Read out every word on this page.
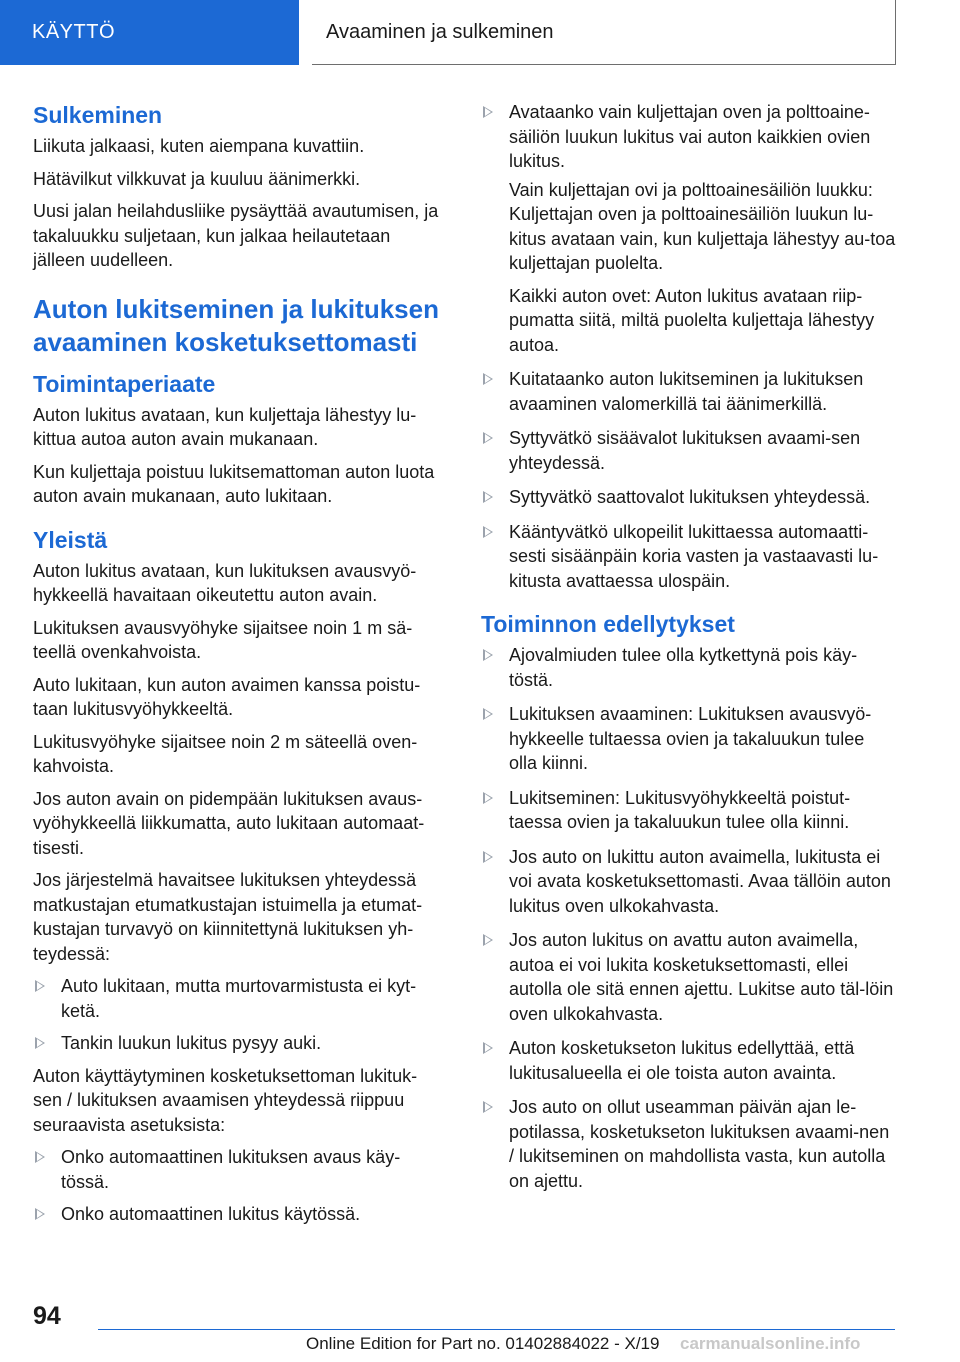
KÄYTTÖ	Avaaminen ja sulkeminen
Sulkeminen

Liikuta jalkaasi, kuten aiempana kuvattiin.

Hätävilkut vilkkuvat ja kuuluu äänimerkki.

Uusi jalan heilahdusliike pysäyttää avautumisen, ja takaluukku suljetaan, kun jalkaa heilautetaan jälleen uudelleen.

Auton lukitseminen ja lukituksen avaaminen kosketuksettomasti
Toimintaperiaate

Auton lukitus avataan, kun kuljettaja lähestyy lu-kittua autoa auton avain mukanaan.

Kun kuljettaja poistuu lukitsemattoman auton luota auton avain mukanaan, auto lukitaan.

Yleistä

Auton lukitus avataan, kun lukituksen avausvyö-hykkeellä havaitaan oikeutettu auton avain.

Lukituksen avausvyöhyke sijaitsee noin 1 m sä-teellä ovenkahvoista.

Auto lukitaan, kun auton avaimen kanssa poistu-taan lukitusvyöhykkeeltä.

Lukitusvyöhyke sijaitsee noin 2 m säteellä oven-kahvoista.

Jos auton avain on pidempään lukituksen avaus-vyöhykkeellä liikkumatta, auto lukitaan automaat-tisesti.

Jos järjestelmä havaitsee lukituksen yhteydessä matkustajan etumatkustajan istuimella ja etumat-kustajan turvavyö on kiinnitettynä lukituksen yh-teydessä:

Auto lukitaan, mutta murtovarmistusta ei kyt-ketä.
Tankin luukun lukitus pysyy auki.

Auton käyttäytyminen kosketuksettoman lukituk-sen / lukituksen avaamisen yhteydessä riippuu seuraavista asetuksista:

Onko automaattinen lukituksen avaus käy-tössä.
Onko automaattinen lukitus käytössä.
Avataanko vain kuljettajan oven ja polttoaine-säiliön luukun lukitus vai auton kaikkien ovien lukitus.
Vain kuljettajan ovi ja polttoainesäiliön luukku: Kuljettajan oven ja polttoainesäiliön luukun lu-kitus avataan vain, kun kuljettaja lähestyy au-toa kuljettajan puolelta.
Kaikki auton ovet: Auton lukitus avataan riip-pumatta siitä, miltä puolelta kuljettaja lähestyy autoa.
Kuitataanko auton lukitseminen ja lukituksen avaaminen valomerkillä tai äänimerkillä.
Syttyvätkö sisäävalot lukituksen avaami-sen yhteydessä.
Syttyvätkö saattovalot lukituksen yhteydessä.
Kääntyvätkö ulkopeilit lukittaessa automaatti-sesti sisäänpäin koria vasten ja vastaavasti lu-kitusta avattaessa ulospäin.
Toiminnon edellytykset
Ajovalmiuden tulee olla kytkettynä pois käy-töstä.
Lukituksen avaaminen: Lukituksen avausvyö-hykkeelle tultaessa ovien ja takaluukun tulee olla kiinni.
Lukitseminen: Lukitusvyöhykkeeltä poistut-taessa ovien ja takaluukun tulee olla kiinni.
Jos auto on lukittu auton avaimella, lukitusta ei voi avata kosketuksettomasti. Avaa tällöin auton lukitus oven ulkokahvasta.
Jos auton lukitus on avattu auton avaimella, autoa ei voi lukita kosketuksettomasti, ellei autolla ole sitä ennen ajettu. Lukitse auto täl-löin oven ulkokahvasta.
Auton kosketukseton lukitus edellyttää, että lukitusalueella ei ole toista auton avainta.
Jos auto on ollut useamman päivän ajan le-potilassa, kosketukseton lukituksen avaami-nen / lukitseminen on mahdollista vasta, kun autolla on ajettu.
94
Online Edition for Part no. 01402884022 - X/19 carmanualsonline.info
